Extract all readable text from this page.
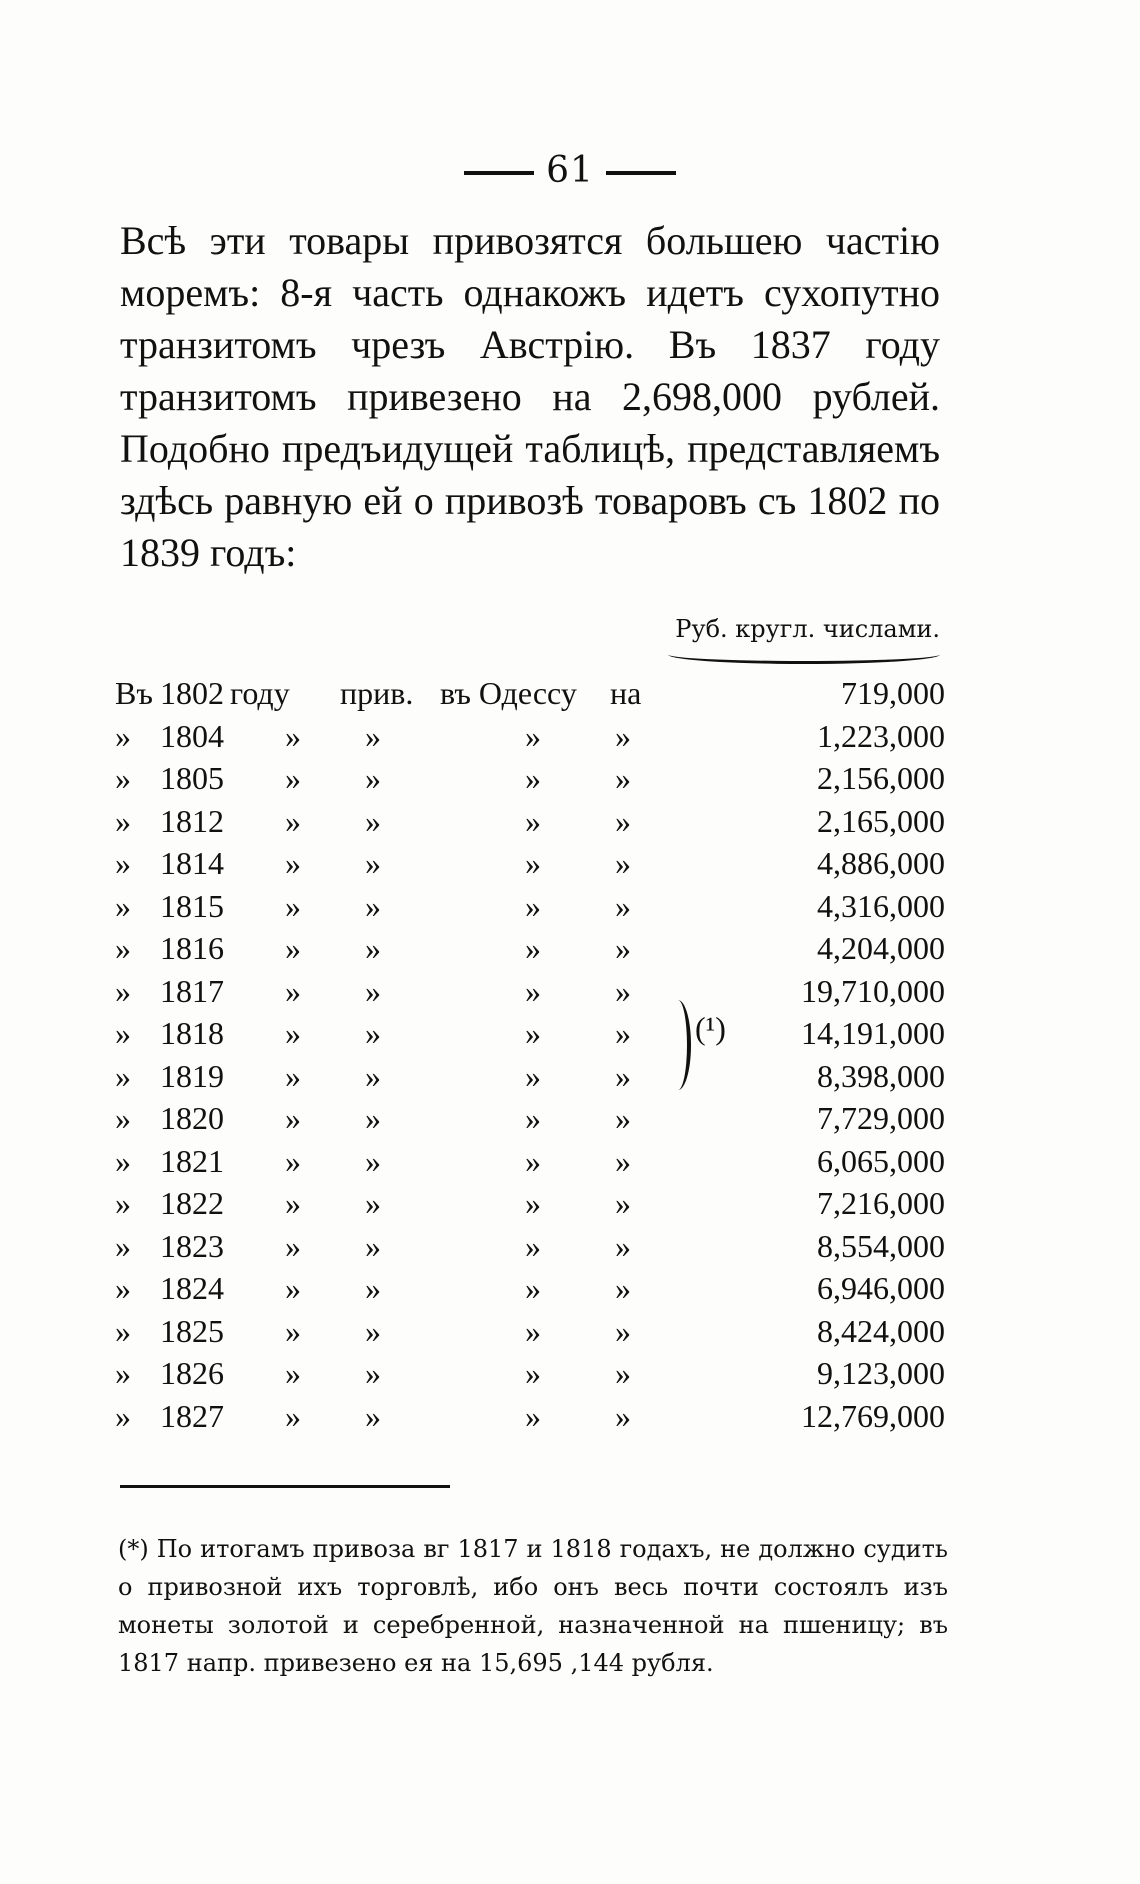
61
Всѣ эти товары привозятся большею частію моремъ: 8-я часть однакожъ идетъ сухопутно транзитомъ чрезъ Австрію. Въ 1837 году транзитомъ привезено на 2,698,000 рублей. Подобно предъидущей таблицѣ, представляемъ здѣсь равную ей о привозѣ товаровъ съ 1802 по 1839 годъ:
Руб. кругл. числами.
Въ 1802 году прив. въ Одессу на	719,000
» 1804 » »	» »	1,223,000
» 1805 » »	» »	2,156,000
» 1812 » »	» »	2,165,000
» 1814 » »	» »	4,886,000
» 1815 » »	» »	4,316,000
» 1816 » »	» »	4,204,000
» 1817 » »	» »	19,710,000
» 1818 » »	» »	14,191,000
» 1819 » »	» »	8,398,000
» 1820 » »	» »	7,729,000
» 1821 » »	» »	6,065,000
» 1822 » »	» »	7,216,000
» 1823 » »	» »	8,554,000
» 1824 » »	» »	6,946,000
» 1825 » »	» »	8,424,000
» 1826 » »	» »	9,123,000
» 1827 » »	» »	12,769,000
(¹)
(*) По итогамъ привоза вг 1817 и 1818 годахъ, не должно судить о привозной ихъ торговлѣ, ибо онъ весь почти состоялъ изъ монеты золотой и серебренной, назначенной на пшеницу; въ 1817 напр. привезено ея на 15,695 ,144 рубля.
